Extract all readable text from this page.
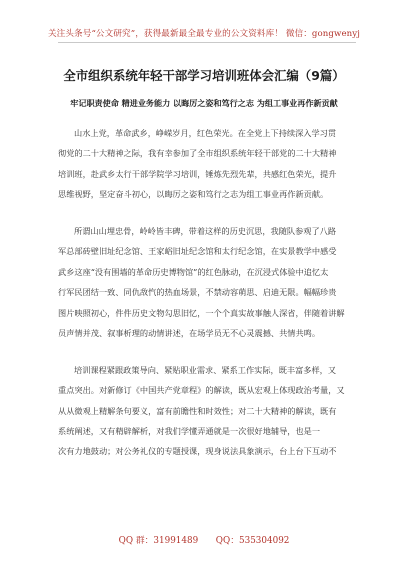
关注头条号“公文研究”，获得最新最全最专业的公文资料库！ 微信：gongwenyj
全市组织系统年轻干部学习培训班体会汇编（9篇）
牢记职责使命 精进业务能力 以晦厉之姿和笃行之志 为组工事业再作新贡献
山水上党，革命武乡，峥嵘岁月，红色荣光。在全党上下持续深入学习贯
彻党的二十大精神之际，我有幸参加了全市组织系统年轻干部党的二十大精神
培训班，赴武乡太行干部学院学习培训，锤炼先烈先辈，共感红色荣光，提升
思维视野，坚定奋斗初心，以晦厉之姿和笃行之志为组工事业再作新贡献。
所谓山山埋忠骨，岭岭皆丰碑，带着这样的历史沉思，我随队参观了八路
军总部砖壁旧址纪念馆、王家峪旧址纪念馆和太行纪念馆，在实景教学中感受
武乡这座“没有围墙的革命历史博物馆”的红色脉动，在沉浸式体验中追忆太
行军民团结一致、同仇敌忾的热血场景，不禁动容萌思、启迪无限。幅幅珍贵
图片映照初心，件件历史文物勾思旧忆，一个个真实故事触人深省，伴随着讲解
员声情并茂、叙事析理的动情讲述，在场学员无不心灵震撼、共情共鸣。
培训课程紧跟政策导向、紧贴职业需求、紧系工作实际，既丰富多样，又
重点突出。对新修订《中国共产党章程》的解读，既从宏观上体现政治考量，又
从从微观上精解条句要义，富有前瞻性和时效性；对二十大精神的解读，既有
系统阐述，又有精辟解析，对我们学懂弄通就是一次很好地辅导，也是一
次有力地鼓动；对公务礼仪的专题授课，现身说法具象演示，台上台下互动不
QQ 群：31991489　　QQ：535304092
